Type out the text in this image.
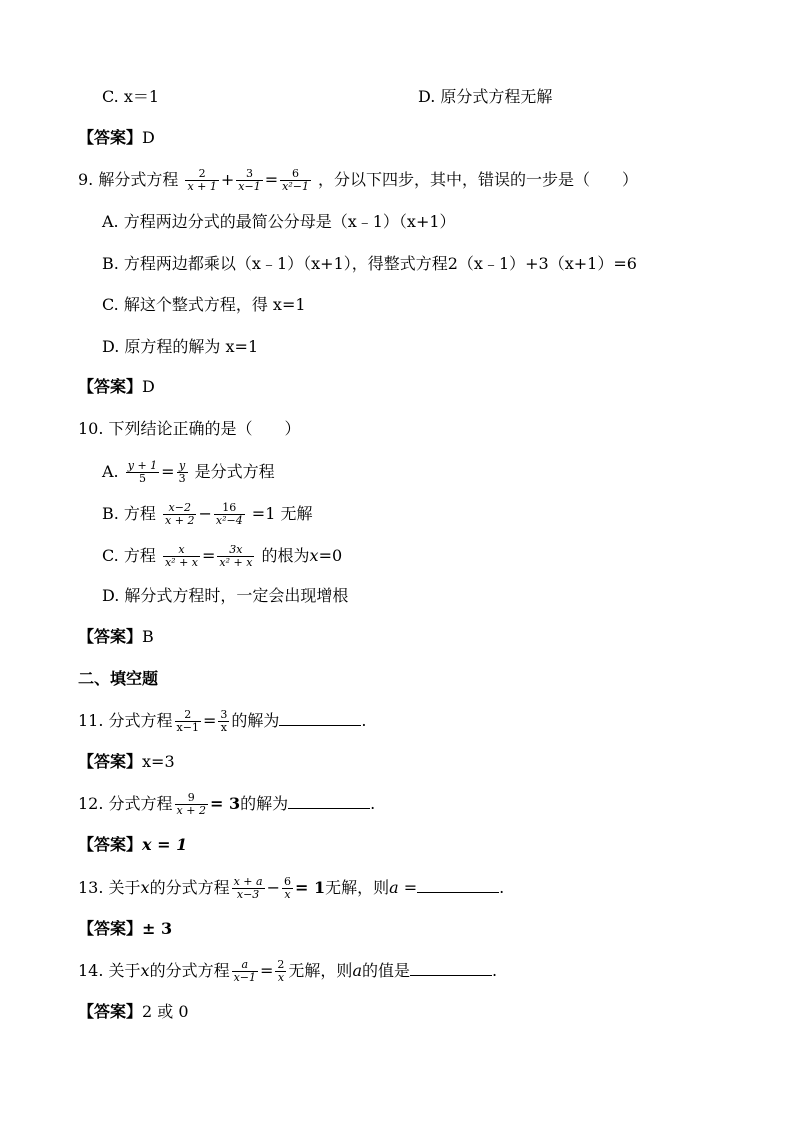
C. x＝1	D. 原分式方程无解
【答案】D
9. 解分式方程 $\frac{2}{x + 1} + \frac{3}{x-1} = \frac{6}{\text{x²−1}}$ ，分以下四步，其中，错误的一步是（　　）
A. 方程两边分式的最简公分母是（x﹣1）（x+1）
B. 方程两边都乘以（x﹣1）（x+1），得整式方程2（x﹣1）+3（x+1）=6
C. 解这个整式方程，得 x=1
D. 原方程的解为 x=1
【答案】D
10. 下列结论正确的是（　　）
A. $\frac{y + 1}{5} = \frac{y}{3}$ 是分式方程
B. 方程 $\frac{x-2}{x + 2} - \frac{16}{\text{x²−4}} =1$ 无解
C. 方程 $\frac{x}{\text{x² + x}} = \frac{3x}{\text{x² + x}}$ 的根为x=0
D. 解分式方程时，一定会出现增根
【答案】B
二、填空题
11. 分式方程 $\frac{2}{x-1} = \frac{3}{x}$ 的解为	.
【答案】x=3
12. 分式方程 $\frac{9}{x + 2} = 3$的解为	.
【答案】x = 1
13. 关于x的分式方程 $\frac{x + a}{x-3} - \frac{6}{x} = 1$无解，则a =	.
【答案】± 3
14. 关于x的分式方程 $\frac{a}{x-1} = \frac{2}{x}$ 无解，则a的值是	.
【答案】2 或 0
